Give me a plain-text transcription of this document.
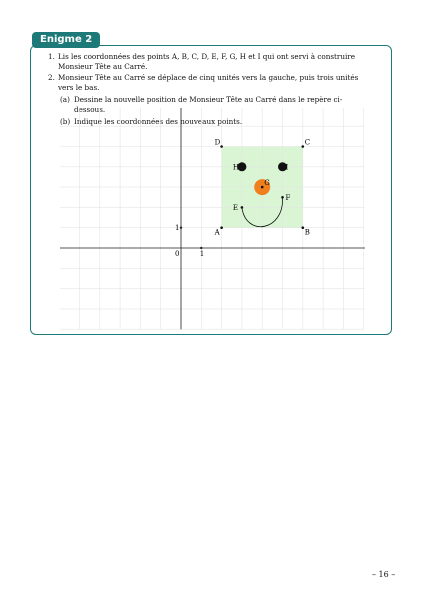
Enigme 2
1. Lis les coordonnées des points A, B, C, D, E, F, G, H et I qui ont servi à construire Monsieur Tête au Carré.
2. Monsieur Tête au Carré se déplace de cinq unités vers la gauche, puis trois unités vers le bas.
(a) Dessine la nouvelle position de Monsieur Tête au Carré dans le repère ci-dessous.
(b) Indique les coordonnées des nouveaux points.
1
1
0
A	B
C
D
E
F
G
H	I
– 16 –
